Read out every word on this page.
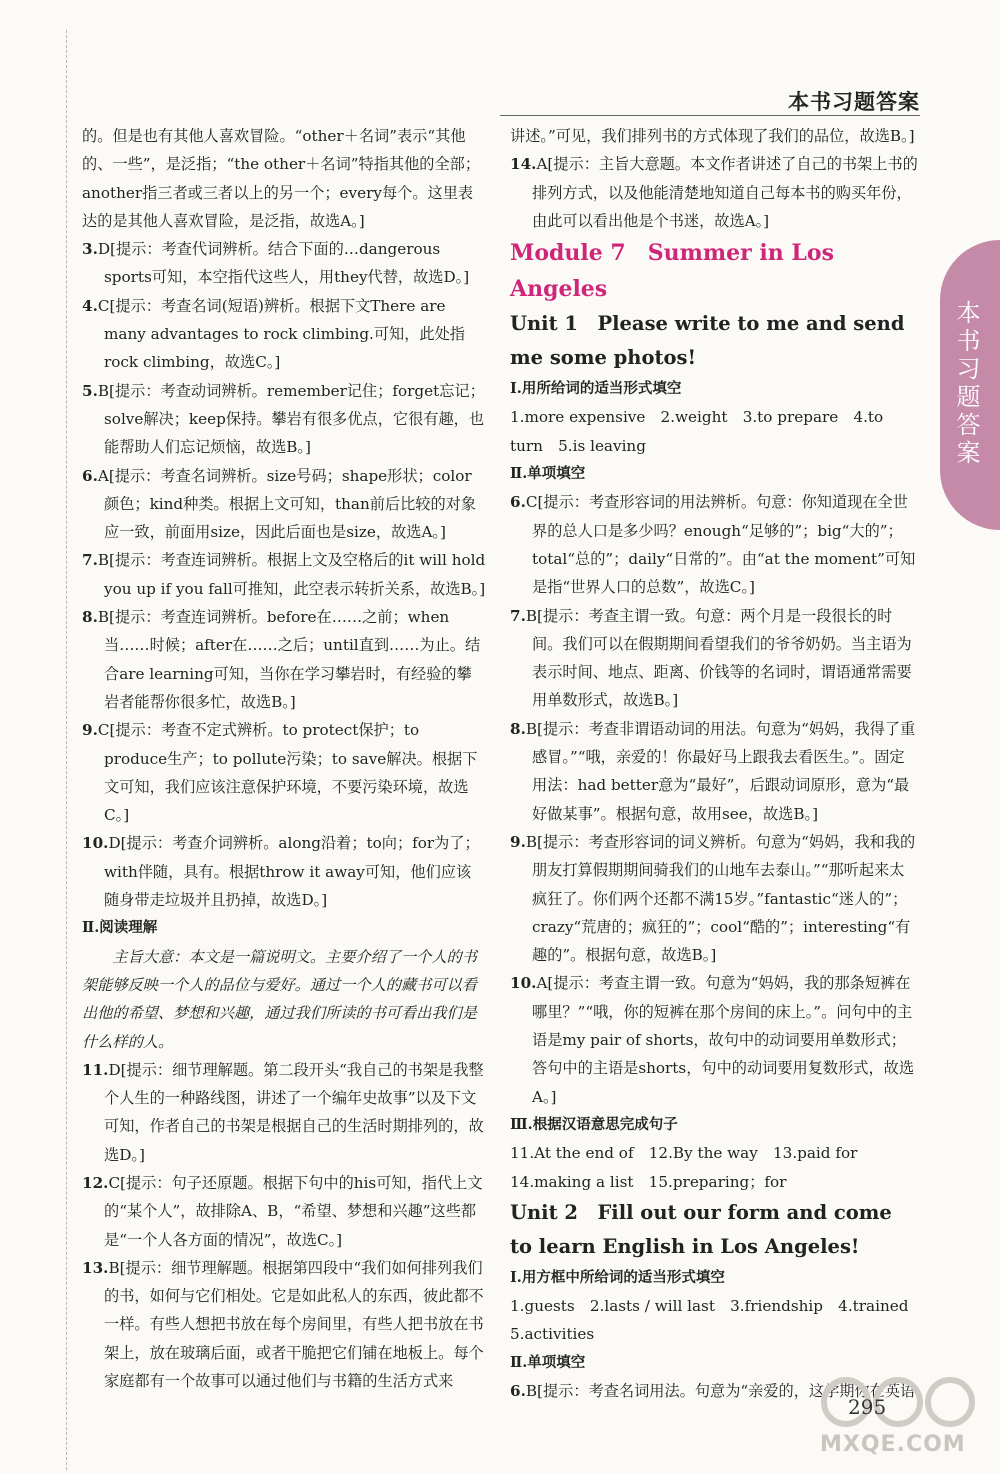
本书习题答案
本书习题答案

的。但是也有其他人喜欢冒险。“other＋名词”表示“其他的、一些”，是泛指；“the other＋名词”特指其他的全部；another指三者或三者以上的另一个；every每个。这里表达的是其他人喜欢冒险，是泛指，故选A。]

3.D[提示：考查代词辨析。结合下面的…dangerous sports可知，本空指代这些人，用they代替，故选D。]

4.C[提示：考查名词(短语)辨析。根据下文There are many advantages to rock climbing.可知，此处指rock climbing，故选C。]

5.B[提示：考查动词辨析。remember记住；forget忘记；solve解决；keep保持。攀岩有很多优点，它很有趣，也能帮助人们忘记烦恼，故选B。]

6.A[提示：考查名词辨析。size号码；shape形状；color颜色；kind种类。根据上文可知，than前后比较的对象应一致，前面用size，因此后面也是size，故选A。]

7.B[提示：考查连词辨析。根据上文及空格后的it will hold you up if you fall可推知，此空表示转折关系，故选B。]

8.B[提示：考查连词辨析。before在……之前；when当……时候；after在……之后；until直到……为止。结合are learning可知，当你在学习攀岩时，有经验的攀岩者能帮你很多忙，故选B。]

9.C[提示：考查不定式辨析。to protect保护；to produce生产；to pollute污染；to save解决。根据下文可知，我们应该注意保护环境，不要污染环境，故选C。]

10.D[提示：考查介词辨析。along沿着；to向；for为了；with伴随，具有。根据throw it away可知，他们应该随身带走垃圾并且扔掉，故选D。]

Ⅱ.阅读理解

主旨大意：本文是一篇说明文。主要介绍了一个人的书架能够反映一个人的品位与爱好。通过一个人的藏书可以看出他的希望、梦想和兴趣，通过我们所读的书可看出我们是什么样的人。

11.D[提示：细节理解题。第二段开头“我自己的书架是我整个人生的一种路线图，讲述了一个编年史故事”以及下文可知，作者自己的书架是根据自己的生活时期排列的，故选D。]

12.C[提示：句子还原题。根据下句中的his可知，指代上文的“某个人”，故排除A、B，“希望、梦想和兴趣”这些都是“一个人各方面的情况”，故选C。]

13.B[提示：细节理解题。根据第四段中“我们如何排列我们的书，如何与它们相处。它是如此私人的东西，彼此都不一样。有些人想把书放在每个房间里，有些人把书放在书架上，放在玻璃后面，或者干脆把它们铺在地板上。每个家庭都有一个故事可以通过他们与书籍的生活方式来

讲述。”可见，我们排列书的方式体现了我们的品位，故选B。]

14.A[提示：主旨大意题。本文作者讲述了自己的书架上书的排列方式，以及他能清楚地知道自己每本书的购买年份，由此可以看出他是个书迷，故选A。]

Module 7　Summer in Los Angeles

Unit 1　Please write to me and send me some photos!

Ⅰ.用所给词的适当形式填空

1.more expensive　2.weight　3.to prepare　4.to turn　5.is leaving

Ⅱ.单项填空

6.C[提示：考查形容词的用法辨析。句意：你知道现在全世界的总人口是多少吗？enough“足够的”；big“大的”；total“总的”；daily“日常的”。由“at the moment”可知是指“世界人口的总数”，故选C。]

7.B[提示：考查主谓一致。句意：两个月是一段很长的时间。我们可以在假期期间看望我们的爷爷奶奶。当主语为表示时间、地点、距离、价钱等的名词时，谓语通常需要用单数形式，故选B。]

8.B[提示：考查非谓语动词的用法。句意为“妈妈，我得了重感冒。”“哦，亲爱的！你最好马上跟我去看医生。”。固定用法：had better意为“最好”，后跟动词原形，意为“最好做某事”。根据句意，故用see，故选B。]

9.B[提示：考查形容词的词义辨析。句意为“妈妈，我和我的朋友打算假期期间骑我们的山地车去泰山。”“那听起来太疯狂了。你们两个还都不满15岁。”fantastic“迷人的”；crazy“荒唐的；疯狂的”；cool“酷的”；interesting“有趣的”。根据句意，故选B。]

10.A[提示：考查主谓一致。句意为“妈妈，我的那条短裤在哪里？”“哦，你的短裤在那个房间的床上。”。问句中的主语是my pair of shorts，故句中的动词要用单数形式；答句中的主语是shorts，句中的动词要用复数形式，故选A。]

Ⅲ.根据汉语意思完成句子

11.At the end of　12.By the way　13.paid for　14.making a list　15.preparing；for

Unit 2　Fill out our form and come to learn English in Los Angeles!

Ⅰ.用方框中所给词的适当形式填空

1.guests　2.lasts / will last　3.friendship　4.trained　5.activities

Ⅱ.单项填空

6.B[提示：考查名词用法。句意为“亲爱的，这学期你在英语

295
MXQE.COM
